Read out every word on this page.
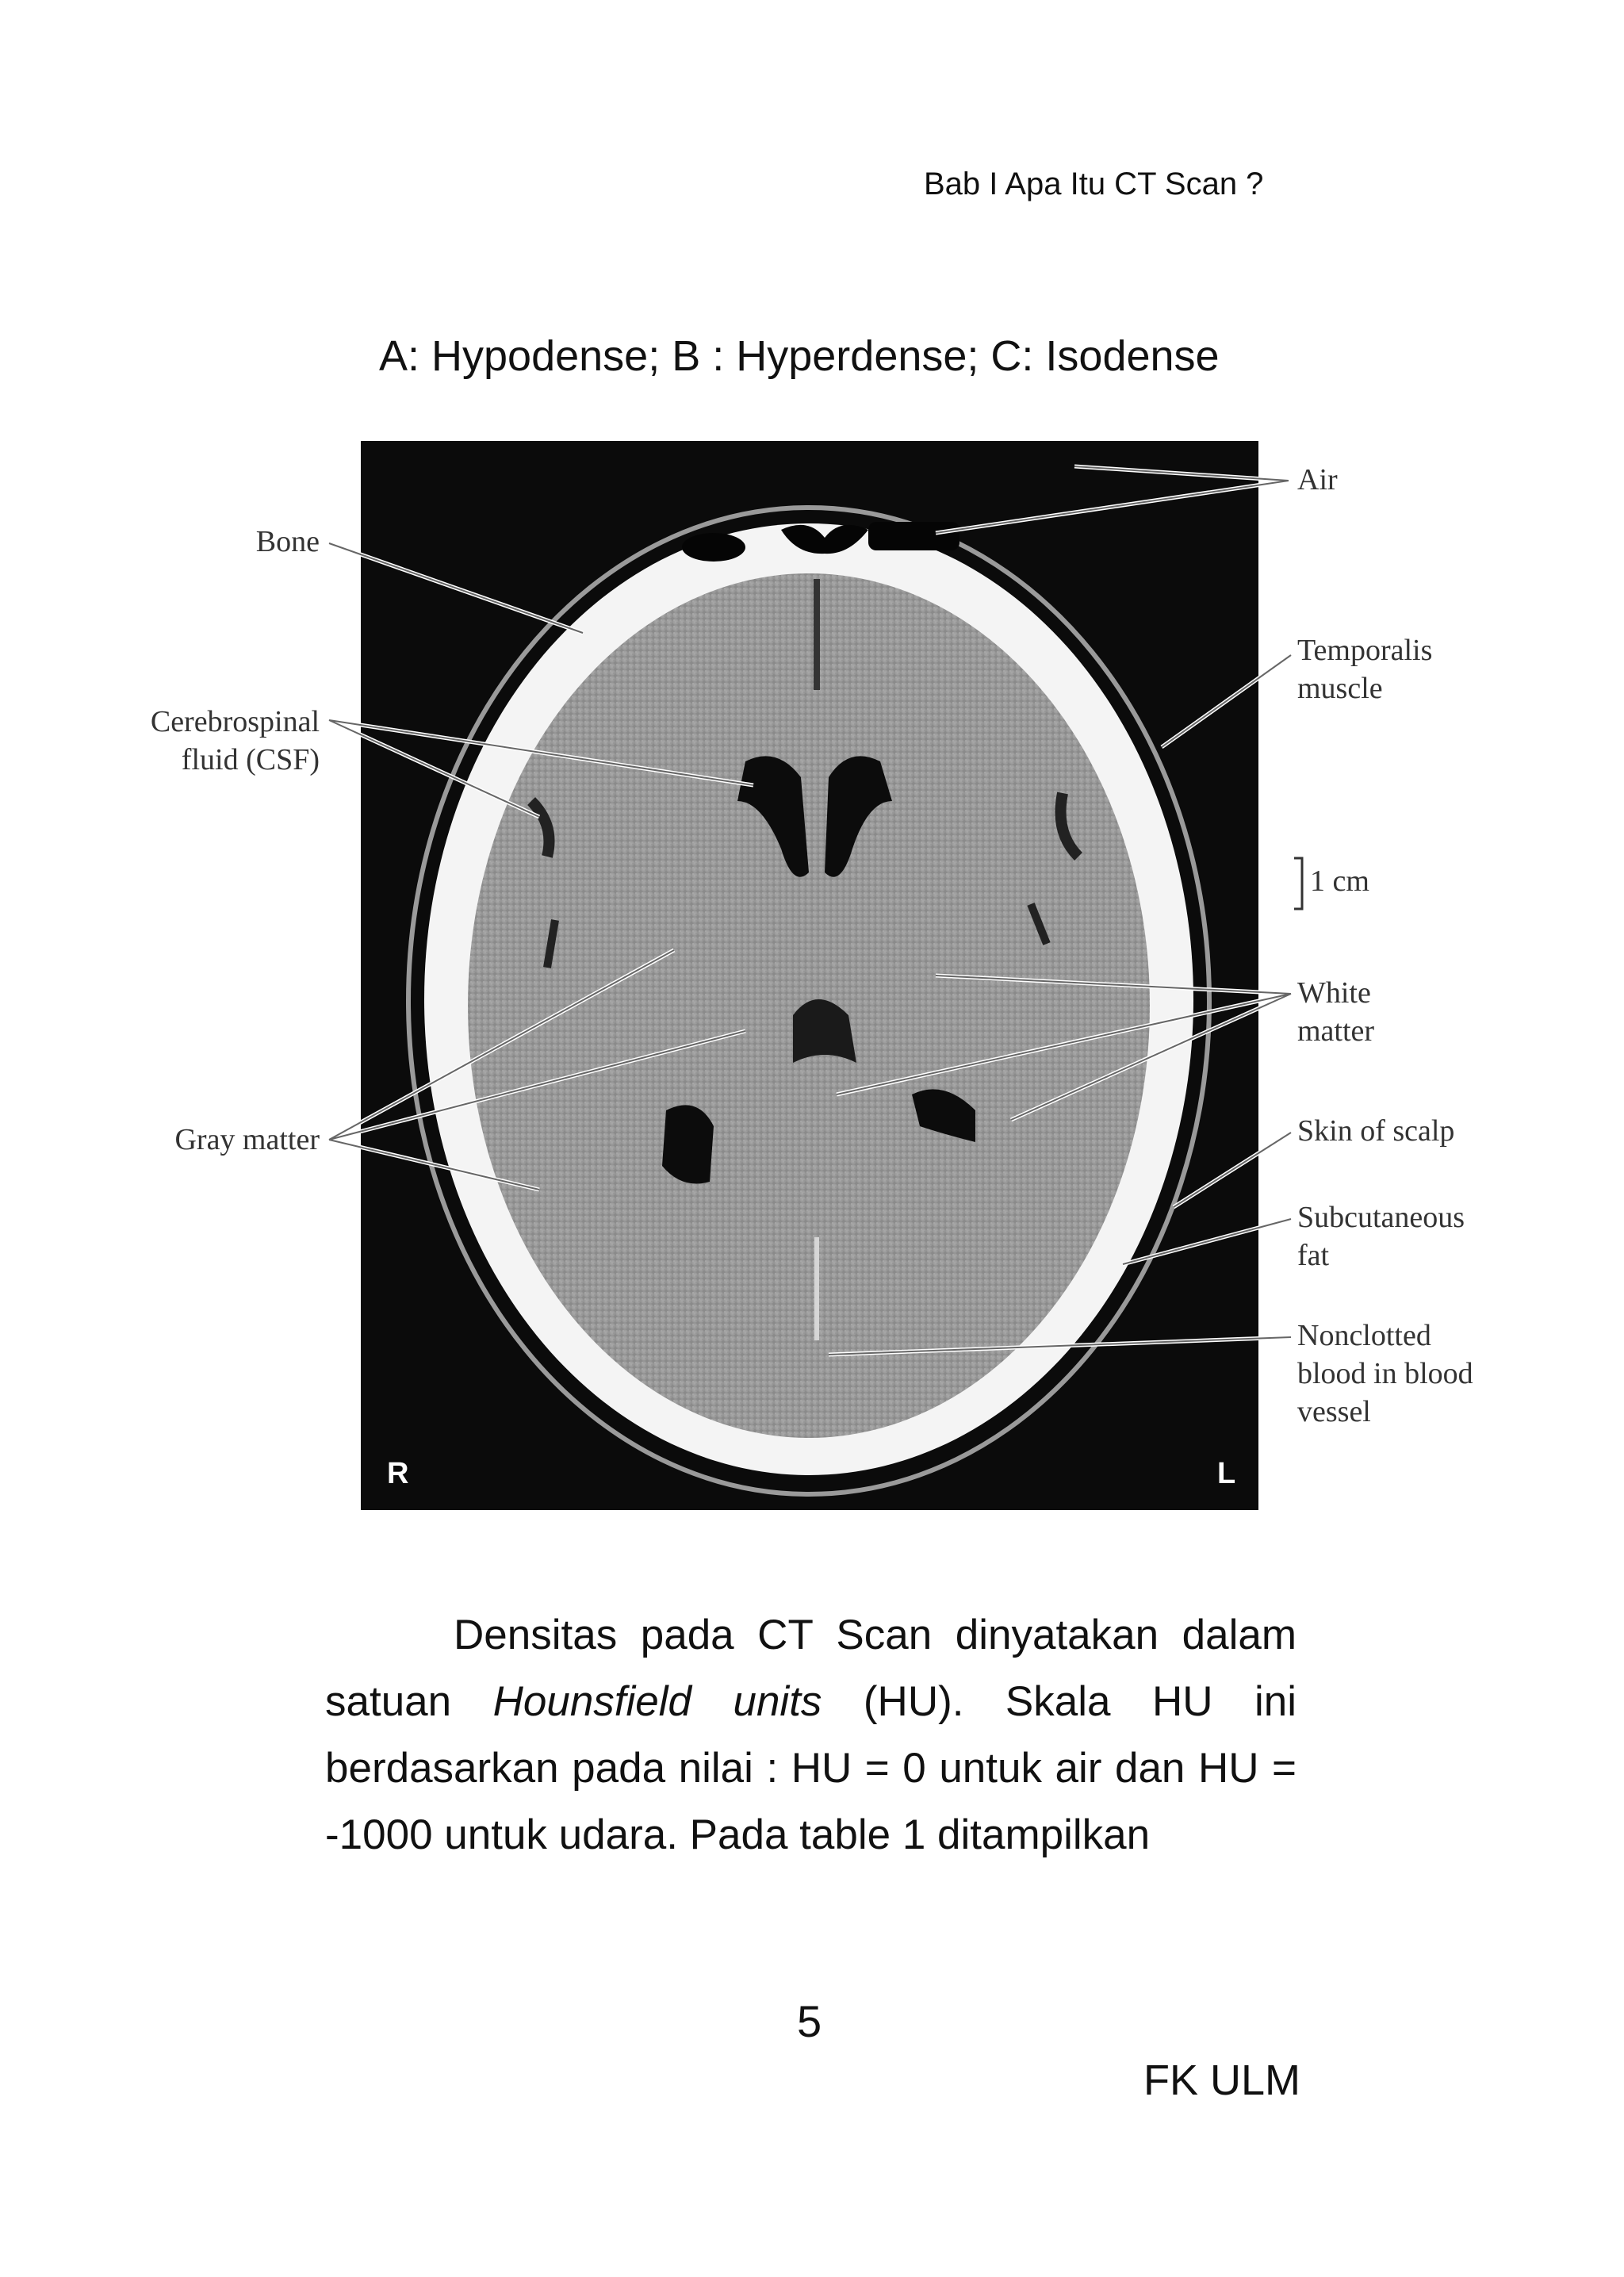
Bab I Apa Itu CT Scan ?
A: Hypodense; B : Hyperdense; C: Isodense
R	L
Bone
Cerebrospinal
fluid (CSF)
Gray matter
Air
Temporalis
muscle
1 cm
White
matter
Skin of scalp
Subcutaneous
fat
Nonclotted
blood in blood
vessel
Densitas pada CT Scan dinyatakan dalam satuan Hounsfield units (HU). Skala HU ini berdasarkan pada nilai : HU = 0 untuk air dan HU = -1000 untuk udara. Pada table 1 ditampilkan
5
FK ULM
